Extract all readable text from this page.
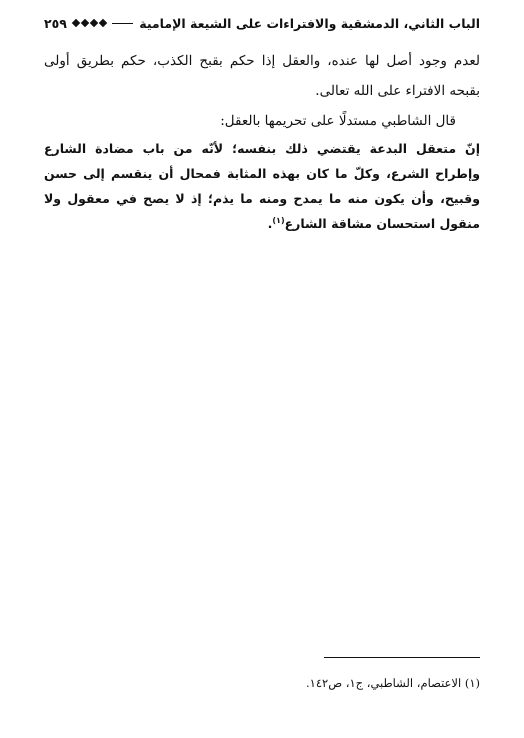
الباب الثاني، الدمشقية والافتراءات على الشيعة الإمامية
٢٥٩

لعدم وجود أصل لها عنده، والعقل إذا حكم بقبح الكذب، حكم بطريق أولى بقبحه الافتراء على الله تعالى.

قال الشاطبي مستدلًا على تحريمها بالعقل:

إنّ متعقل البدعة يقتضي ذلك بنفسه؛ لأنّه من باب مضادة الشارع وإطراح الشرع، وكلّ ما كان بهذه المثابة فمحال أن ينقسم إلى حسن وقبيح، وأن يكون منه ما يمدح ومنه ما يذم؛ إذ لا يصح في معقول ولا منقول استحسان مشاقة الشارع$^{(١)}$.

(١) الاعتصام، الشاطبي، ج١، ص١٤٢.
